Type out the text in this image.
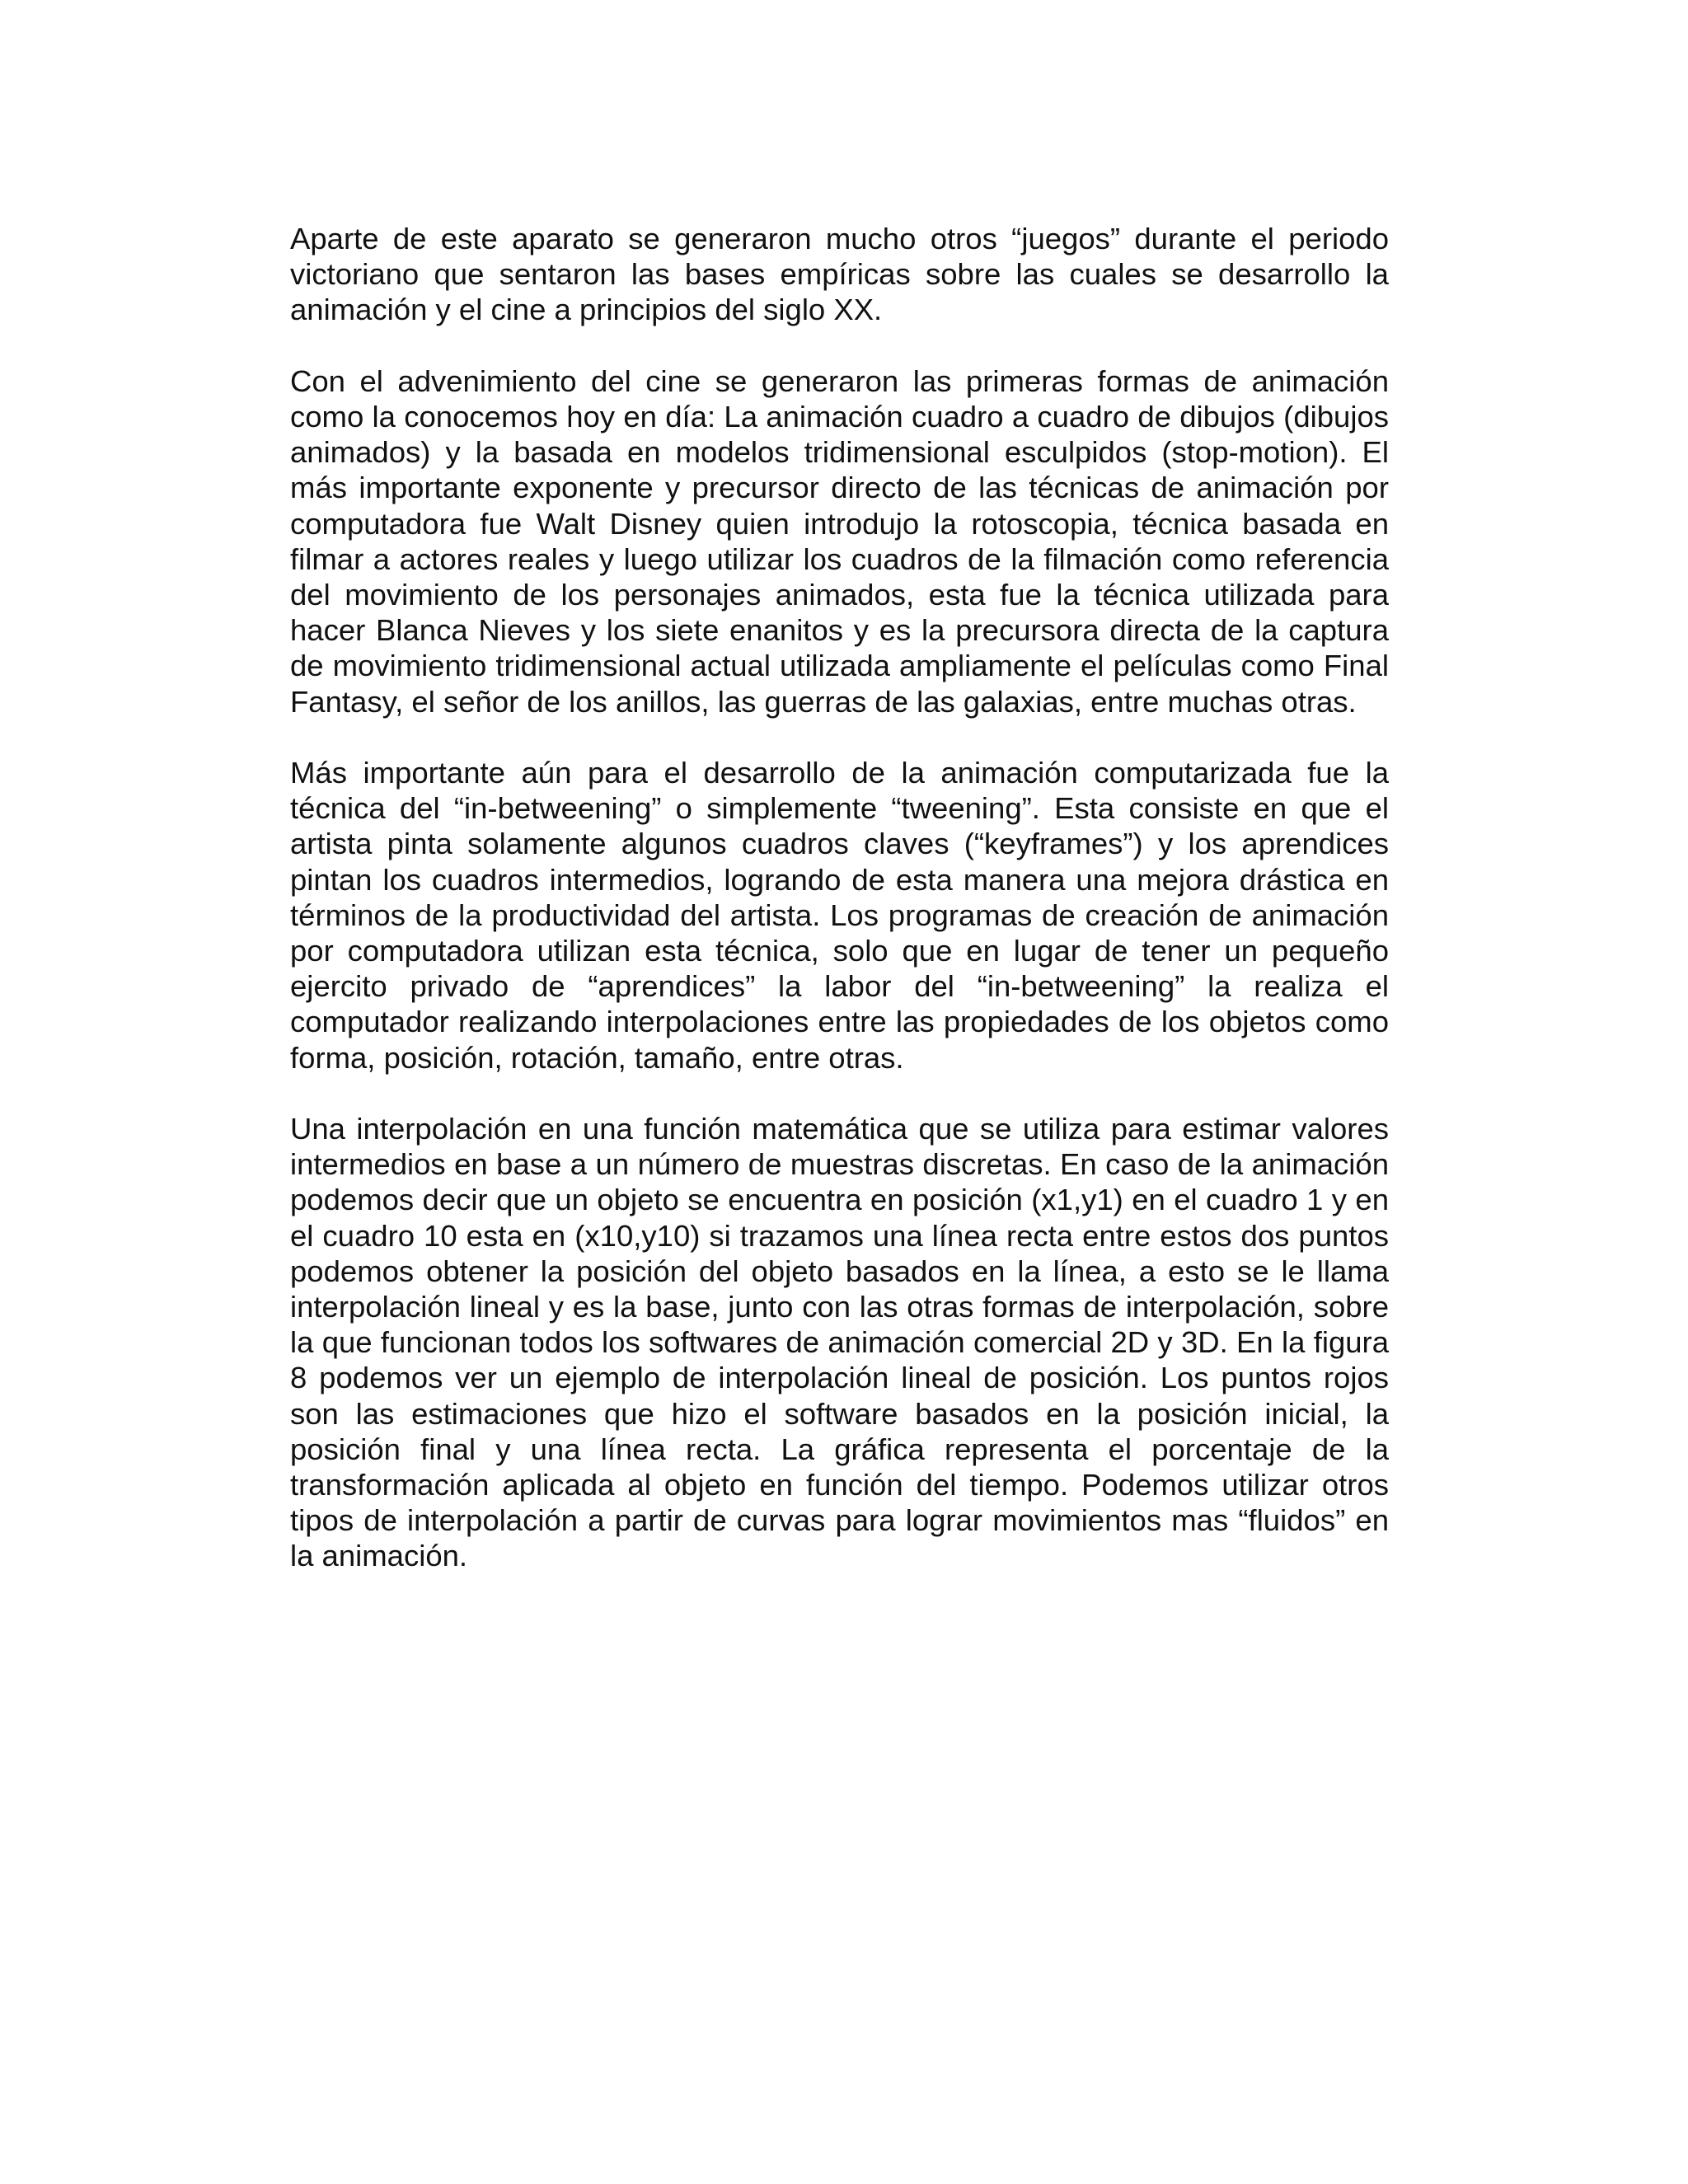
Aparte de este aparato se generaron mucho otros “juegos” durante el periodo victoriano que sentaron las bases empíricas sobre las cuales se desarrollo la animación y el cine a principios del siglo XX.

Con el advenimiento del cine se generaron las primeras formas de animación como la conocemos hoy en día: La animación cuadro a cuadro de dibujos (dibujos animados) y la basada en modelos tridimensional esculpidos (stop-motion). El más importante exponente y precursor directo de las técnicas de animación por computadora fue Walt Disney quien introdujo la rotoscopia, técnica basada en filmar a actores reales y luego utilizar los cuadros de la filmación como referencia del movimiento de los personajes animados, esta fue la técnica utilizada para hacer Blanca Nieves y los siete enanitos y es la precursora directa de la captura de movimiento tridimensional actual utilizada ampliamente el películas como Final Fantasy, el señor de los anillos, las guerras de las galaxias, entre muchas otras.

Más importante aún para el desarrollo de la animación computarizada fue la técnica del “in-betweening” o simplemente “tweening”. Esta consiste en que el artista pinta solamente algunos cuadros claves (“keyframes”) y los aprendices pintan los cuadros intermedios, logrando de esta manera una mejora drástica en términos de la productividad del artista. Los programas de creación de animación por computadora utilizan esta técnica, solo que en lugar de tener un pequeño ejercito privado de “aprendices” la labor del “in-betweening” la realiza el computador realizando interpolaciones entre las propiedades de los objetos como forma, posición, rotación, tamaño, entre otras.

Una interpolación en una función matemática que se utiliza para estimar valores intermedios en base a un número de muestras discretas. En caso de la animación podemos decir que un objeto se encuentra en posición (x1,y1) en el cuadro 1 y en el cuadro 10 esta en (x10,y10) si trazamos una línea recta entre estos dos puntos podemos obtener la posición del objeto basados en la línea, a esto se le llama interpolación lineal y es la base, junto con las otras formas de interpolación, sobre la que funcionan todos los softwares de animación comercial 2D y 3D. En la figura 8 podemos ver un ejemplo de interpolación lineal de posición. Los puntos rojos son las estimaciones que hizo el software basados en la posición inicial, la posición final y una línea recta. La gráfica representa el porcentaje de la transformación aplicada al objeto en función del tiempo. Podemos utilizar otros tipos de interpolación a partir de curvas para lograr movimientos mas “fluidos” en la animación.
